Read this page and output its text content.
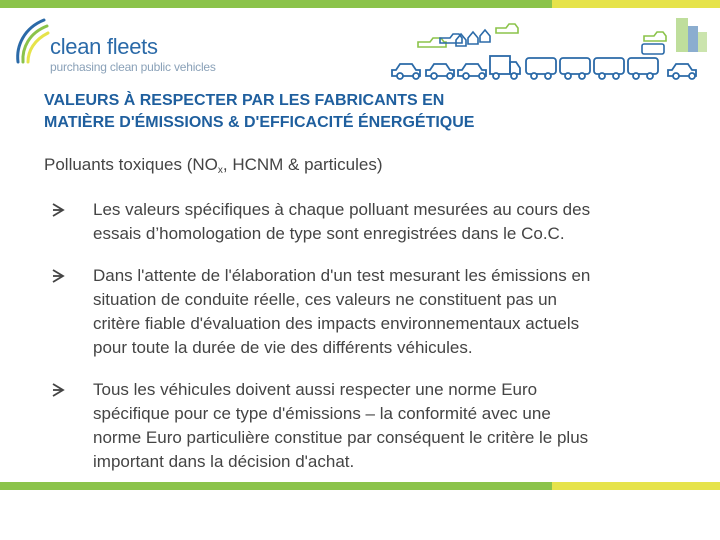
clean fleets
purchasing clean public vehicles
VALEURS À RESPECTER PAR LES FABRICANTS EN
MATIÈRE D'ÉMISSIONS & D'EFFICACITÉ ÉNERGÉTIQUE
Polluants toxiques ($NO_x$, HCNM & particules)
Les valeurs spécifiques à chaque polluant mesurées au cours des
essais d’homologation de type sont enregistrées dans le Co.C.
Dans l'attente de l'élaboration d'un test mesurant les émissions en
situation de conduite réelle, ces valeurs ne constituent pas un
critère fiable d'évaluation des impacts environnementaux actuels
pour toute la durée de vie des différents véhicules.
Tous les véhicules doivent aussi respecter une norme Euro
spécifique pour ce type d'émissions – la conformité avec une
norme Euro particulière constitue par conséquent le critère le plus
important dans la décision d'achat.
